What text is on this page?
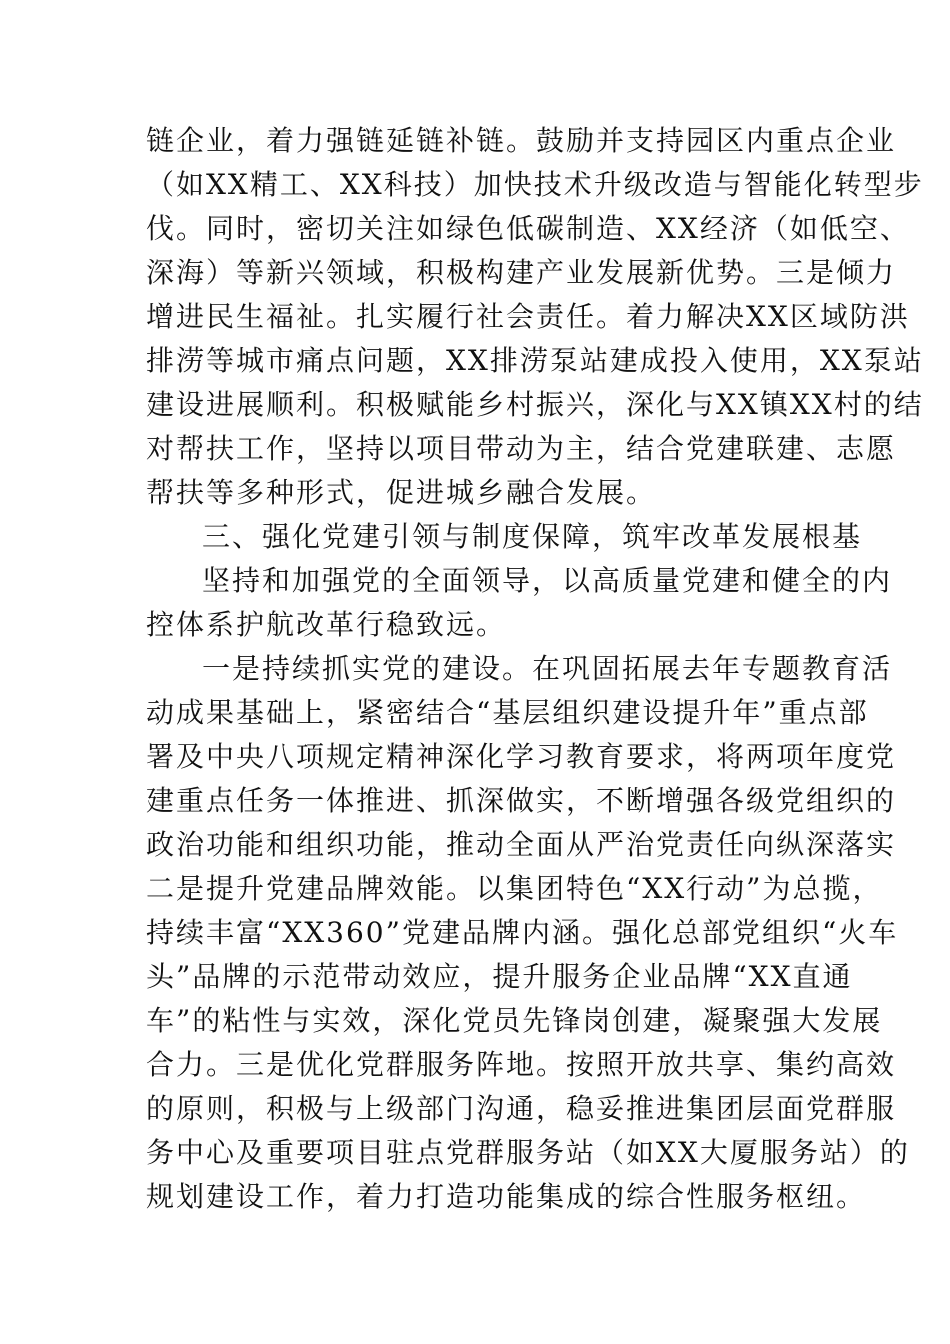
链企业，着力强链延链补链。鼓励并支持园区内重点企业
（如XX精工、XX科技）加快技术升级改造与智能化转型步
伐。同时，密切关注如绿色低碳制造、XX经济（如低空、
深海）等新兴领域，积极构建产业发展新优势。三是倾力
增进民生福祉。扎实履行社会责任。着力解决XX区域防洪
排涝等城市痛点问题，XX排涝泵站建成投入使用，XX泵站
建设进展顺利。积极赋能乡村振兴，深化与XX镇XX村的结
对帮扶工作，坚持以项目带动为主，结合党建联建、志愿
帮扶等多种形式，促进城乡融合发展。
三、强化党建引领与制度保障，筑牢改革发展根基
坚持和加强党的全面领导，以高质量党建和健全的内
控体系护航改革行稳致远。
一是持续抓实党的建设。在巩固拓展去年专题教育活
动成果基础上，紧密结合“基层组织建设提升年”重点部
署及中央八项规定精神深化学习教育要求，将两项年度党
建重点任务一体推进、抓深做实，不断增强各级党组织的
政治功能和组织功能，推动全面从严治党责任向纵深落实
二是提升党建品牌效能。以集团特色“XX行动”为总揽，
持续丰富“XX360”党建品牌内涵。强化总部党组织“火车
头”品牌的示范带动效应，提升服务企业品牌“XX直通
车”的粘性与实效，深化党员先锋岗创建，凝聚强大发展
合力。三是优化党群服务阵地。按照开放共享、集约高效
的原则，积极与上级部门沟通，稳妥推进集团层面党群服
务中心及重要项目驻点党群服务站（如XX大厦服务站）的
规划建设工作，着力打造功能集成的综合性服务枢纽。
